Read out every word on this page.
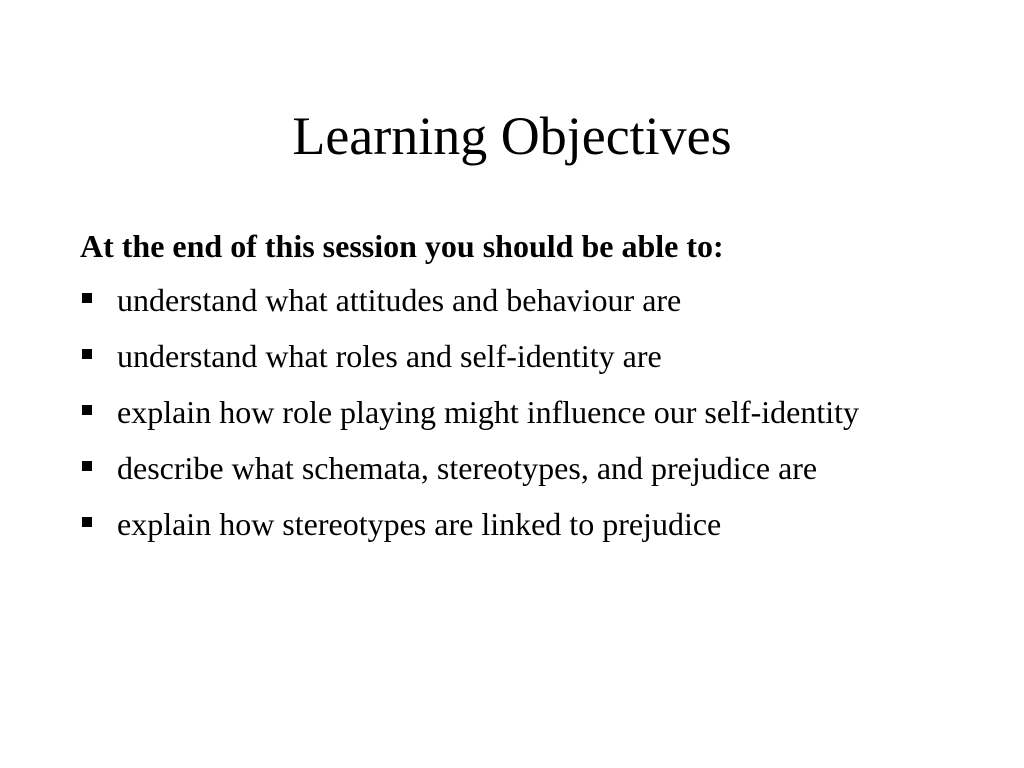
Learning Objectives

At the end of this session you should be able to:

understand what attitudes and behaviour are
understand what roles and self-identity are
explain how role playing might influence our self-identity
describe what schemata, stereotypes, and prejudice are
explain how stereotypes are linked to prejudice
